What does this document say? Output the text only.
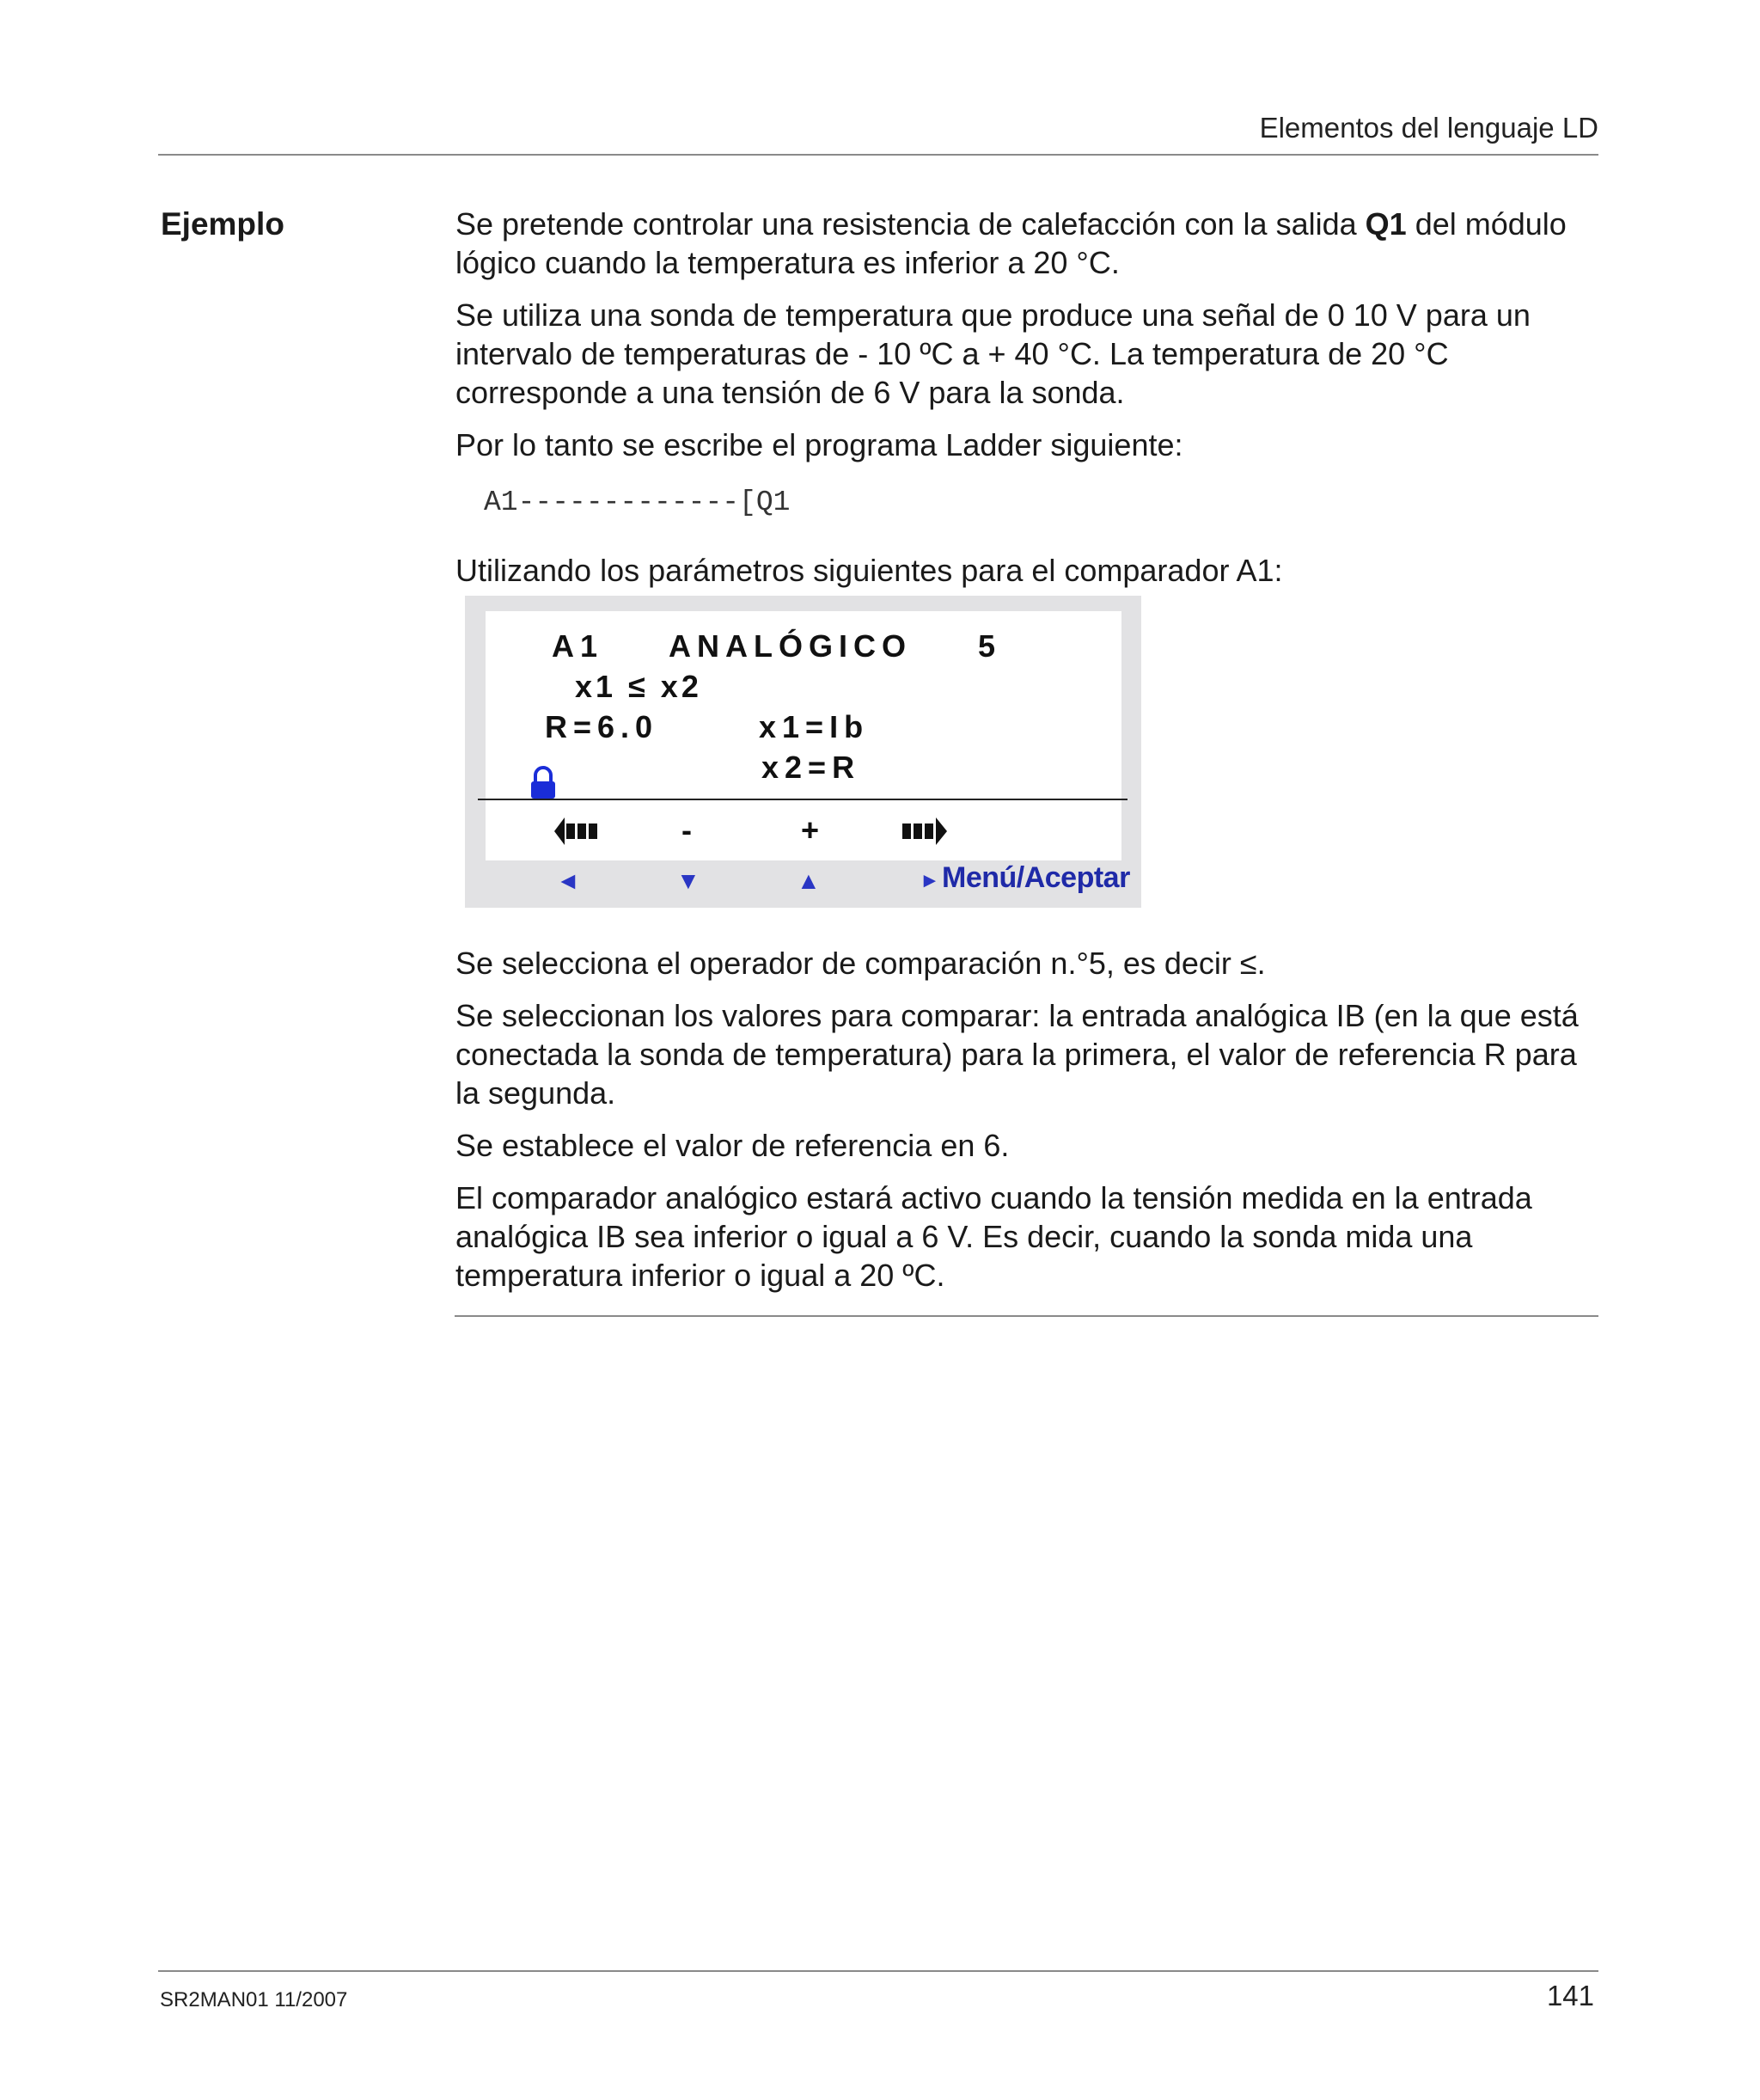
Elementos del lenguaje LD
Ejemplo	Se pretende controlar una resistencia de calefacción con la salida Q1 del módulo lógico cuando la temperatura es inferior a 20 °C.

Se utiliza una sonda de temperatura que produce una señal de 0 10 V para un intervalo de temperaturas de - 10 ºC a + 40 °C. La temperatura de 20 °C corresponde a una tensión de 6 V para la sonda.

Por lo tanto se escribe el programa Ladder siguiente:

A1-------------[Q1

Utilizando los parámetros siguientes para el comparador A1:

A1 ANALÓGICO 5
x1 ≤ x2
R=6.0	x1=Ib
x2=R
-	+
◄	▼	▲	► Menú/Aceptar

Se selecciona el operador de comparación n.°5, es decir ≤.

Se seleccionan los valores para comparar: la entrada analógica IB (en la que está conectada la sonda de temperatura) para la primera, el valor de referencia R para la segunda.

Se establece el valor de referencia en 6.

El comparador analógico estará activo cuando la tensión medida en la entrada analógica IB sea inferior o igual a 6 V. Es decir, cuando la sonda mida una temperatura inferior o igual a 20 ºC.

SR2MAN01 11/2007	141
